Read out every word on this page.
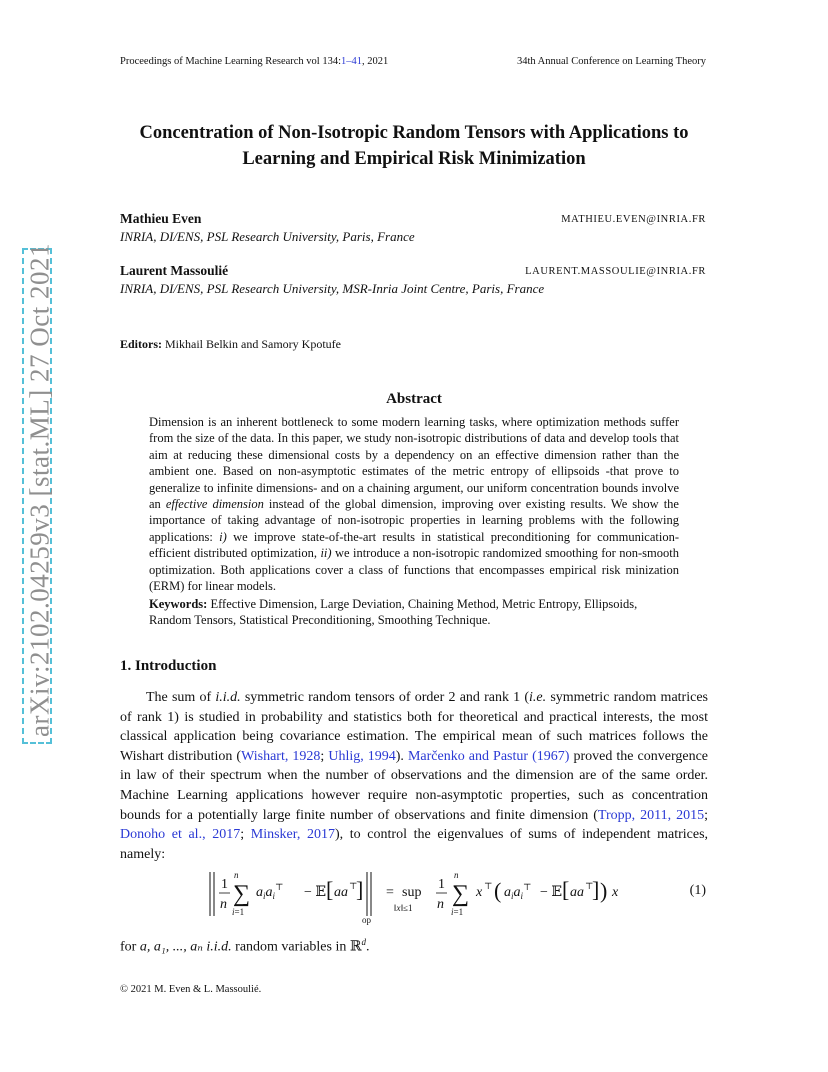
arXiv:2102.04259v3 [stat.ML] 27 Oct 2021
Proceedings of Machine Learning Research vol 134:1–41, 2021	34th Annual Conference on Learning Theory
Concentration of Non-Isotropic Random Tensors with Applications to
Learning and Empirical Risk Minimization
Mathieu Even	MATHIEU.EVEN@INRIA.FR
INRIA, DI/ENS, PSL Research University, Paris, France
Laurent Massoulié	LAURENT.MASSOULIE@INRIA.FR
INRIA, DI/ENS, PSL Research University, MSR-Inria Joint Centre, Paris, France
Editors: Mikhail Belkin and Samory Kpotufe
Abstract
Dimension is an inherent bottleneck to some modern learning tasks, where optimization methods suffer from the size of the data. In this paper, we study non-isotropic distributions of data and develop tools that aim at reducing these dimensional costs by a dependency on an effective dimension rather than the ambient one. Based on non-asymptotic estimates of the metric entropy of ellipsoids -that prove to generalize to infinite dimensions- and on a chaining argument, our uniform concentration bounds involve an effective dimension instead of the global dimension, improving over existing results. We show the importance of taking advantage of non-isotropic properties in learning problems with the following applications: i) we improve state-of-the-art results in statistical preconditioning for communication-efficient distributed optimization, ii) we introduce a non-isotropic randomized smoothing for non-smooth optimization. Both applications cover a class of functions that encompasses empirical risk minization (ERM) for linear models.
Keywords: Effective Dimension, Large Deviation, Chaining Method, Metric Entropy, Ellipsoids, Random Tensors, Statistical Preconditioning, Smoothing Technique.
1. Introduction

The sum of i.i.d. symmetric random tensors of order 2 and rank 1 (i.e. symmetric random matrices of rank 1) is studied in probability and statistics both for theoretical and practical interests, the most classical application being covariance estimation. The empirical mean of such matrices follows the Wishart distribution (Wishart, 1928; Uhlig, 1994). Marčenko and Pastur (1967) proved the convergence in law of their spectrum when the number of observations and the dimension are of the same order. Machine Learning applications however require non-asymptotic properties, such as concentration bounds for a potentially large finite number of observations and finite dimension (Tropp, 2011, 2015; Donoho et al., 2017; Minsker, 2017), to control the eigenvalues of sums of independent matrices, namely:

1
n
n
∑
i=1
$a_ia_i^⊤$ − 𝔼 [ aa ⊤
]
op
= sup
‖x‖≤1
1
n
n
∑
i=1
x ⊤ ( $a_ia_i^⊤$ − 𝔼 [ aa ⊤
] ) x	(1)
for a, a₁, ..., aₙ i.i.d. random variables in ℝ$^d$.
© 2021 M. Even & L. Massoulié.
